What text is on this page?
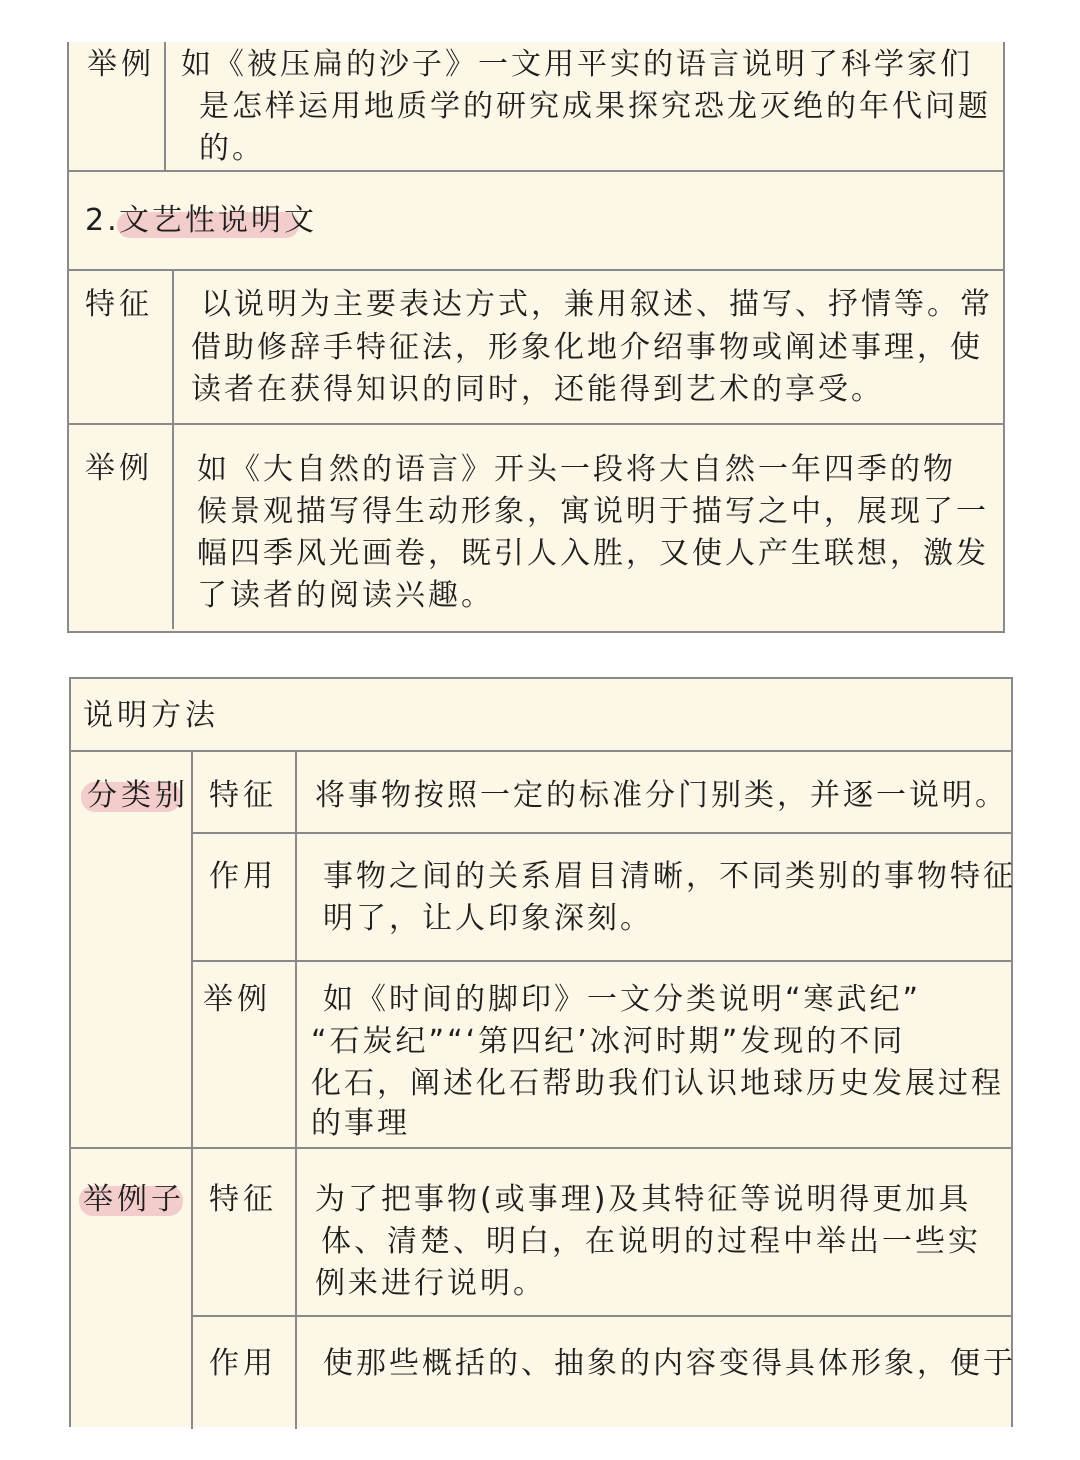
举例 如《被压扁的沙子》一文用平实的语言说明了科学家们

是怎样运用地质学的研究成果探究恐龙灭绝的年代问题

的。

2. 文艺性说明文

特征 以说明为主要表达方式，兼用叙述、描写、抒情等。常

借助修辞手特征法，形象化地介绍事物或阐述事理，使

读者在获得知识的同时，还能得到艺术的享受。

举例 如《大自然的语言》开头一段将大自然一年四季的物

候景观描写得生动形象，寓说明于描写之中，展现了一

幅四季风光画卷，既引人入胜，又使人产生联想，激发

了读者的阅读兴趣。

说明方法

分类别 特征 将事物按照一定的标准分门别类，并逐一说明。

作用 事物之间的关系眉目清晰，不同类别的事物特征

明了，让人印象深刻。

举例 如《时间的脚印》一文分类说明“寒武纪”

“石炭纪”“‘第四纪’冰河时期”发现的不同

化石，阐述化石帮助我们认识地球历史发展过程

的事理

举例子 特征 为了把事物(或事理)及其特征等说明得更加具

体、清楚、明白，在说明的过程中举出一些实

例来进行说明。

作用 使那些概括的、抽象的内容变得具体形象，便于
